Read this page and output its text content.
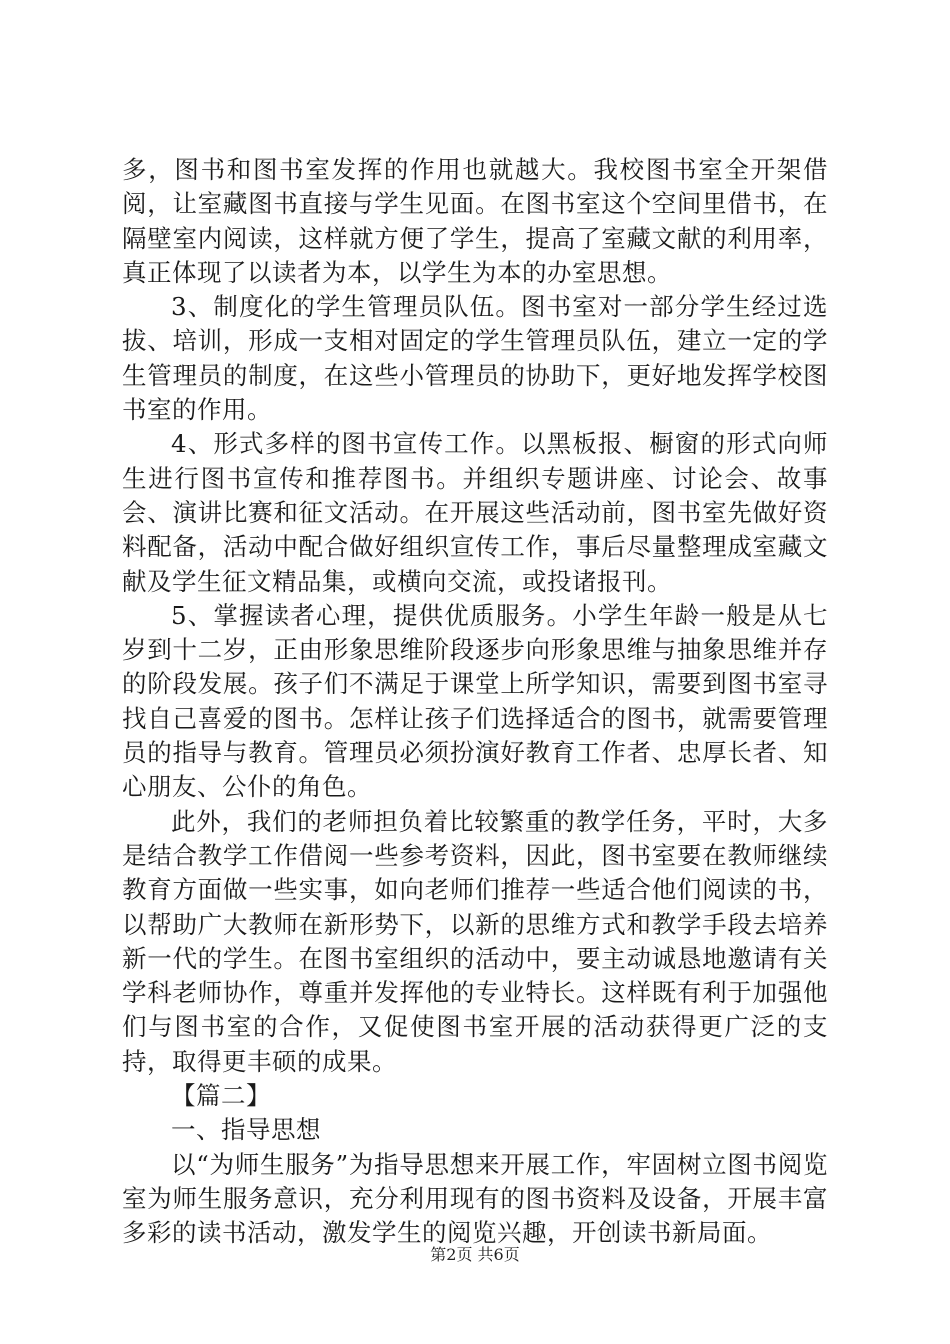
多，图书和图书室发挥的作用也就越大。我校图书室全开架借阅，让室藏图书直接与学生见面。在图书室这个空间里借书，在隔壁室内阅读，这样就方便了学生，提高了室藏文献的利用率，真正体现了以读者为本，以学生为本的办室思想。

3、制度化的学生管理员队伍。图书室对一部分学生经过选拔、培训，形成一支相对固定的学生管理员队伍，建立一定的学生管理员的制度，在这些小管理员的协助下，更好地发挥学校图书室的作用。

4、形式多样的图书宣传工作。以黑板报、橱窗的形式向师生进行图书宣传和推荐图书。并组织专题讲座、讨论会、故事会、演讲比赛和征文活动。在开展这些活动前，图书室先做好资料配备，活动中配合做好组织宣传工作，事后尽量整理成室藏文献及学生征文精品集，或横向交流，或投诸报刊。

5、掌握读者心理，提供优质服务。小学生年龄一般是从七岁到十二岁，正由形象思维阶段逐步向形象思维与抽象思维并存的阶段发展。孩子们不满足于课堂上所学知识，需要到图书室寻找自己喜爱的图书。怎样让孩子们选择适合的图书，就需要管理员的指导与教育。管理员必须扮演好教育工作者、忠厚长者、知心朋友、公仆的角色。

此外，我们的老师担负着比较繁重的教学任务，平时，大多是结合教学工作借阅一些参考资料，因此，图书室要在教师继续教育方面做一些实事，如向老师们推荐一些适合他们阅读的书，以帮助广大教师在新形势下，以新的思维方式和教学手段去培养新一代的学生。在图书室组织的活动中，要主动诚恳地邀请有关学科老师协作，尊重并发挥他的专业特长。这样既有利于加强他们与图书室的合作，又促使图书室开展的活动获得更广泛的支持，取得更丰硕的成果。

【篇二】

一、指导思想

以“为师生服务”为指导思想来开展工作，牢固树立图书阅览室为师生服务意识，充分利用现有的图书资料及设备，开展丰富多彩的读书活动，激发学生的阅览兴趣，开创读书新局面。

第2页 共6页
